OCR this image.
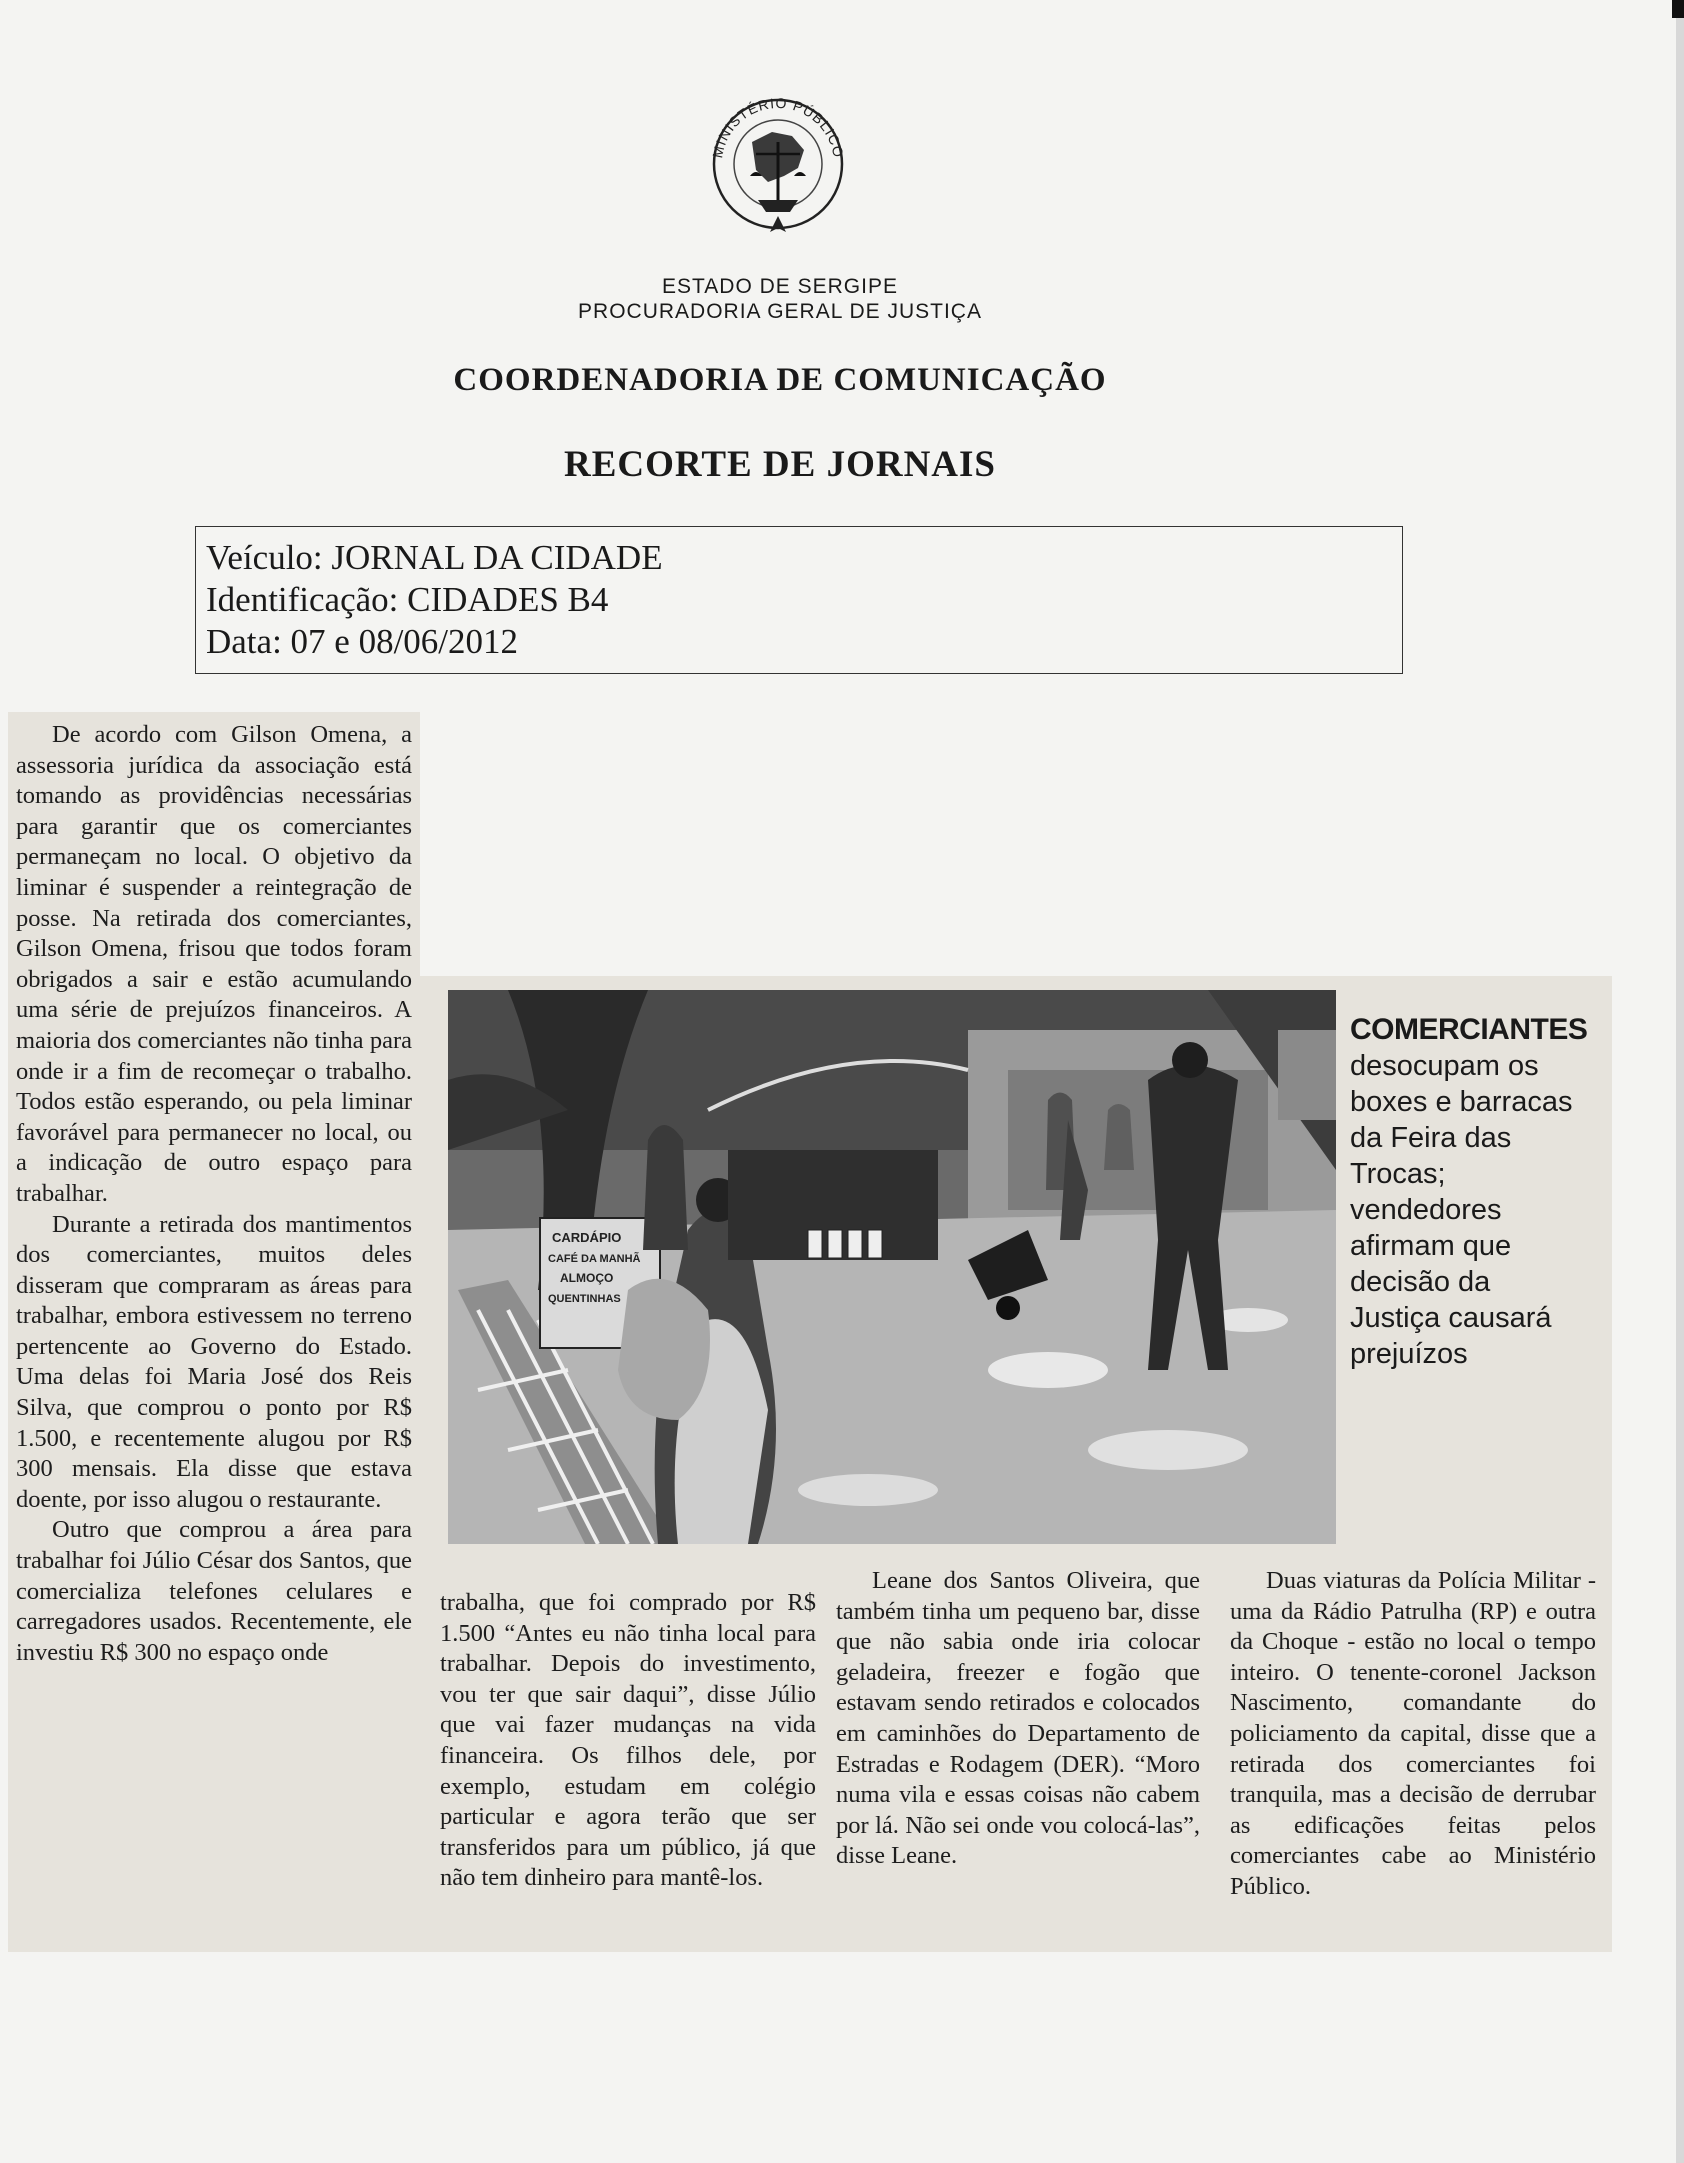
MINISTÉRIO PÚBLICO
ESTADO DE SERGIPE
PROCURADORIA GERAL DE JUSTIÇA
COORDENADORIA DE COMUNICAÇÃO
RECORTE DE JORNAIS
Veículo: JORNAL DA CIDADE
Identificação: CIDADES B4
Data: 07 e 08/06/2012

De acordo com Gilson Omena, a assessoria jurídica da associação está tomando as providências necessárias para garantir que os comerciantes permaneçam no local. O objetivo da liminar é suspender a reintegração de posse. Na retirada dos comerciantes, Gilson Omena, frisou que todos foram obrigados a sair e estão acumulando uma série de prejuízos financeiros. A maioria dos comerciantes não tinha para onde ir a fim de recomeçar o trabalho. Todos estão esperando, ou pela liminar favorável para permanecer no local, ou a indicação de outro espaço para trabalhar.

Durante a retirada dos mantimentos dos comerciantes, muitos deles disseram que compraram as áreas para trabalhar, embora estivessem no terreno pertencente ao Governo do Estado. Uma delas foi Maria José dos Reis Silva, que comprou o ponto por R$ 1.500, e recentemente alugou por R$ 300 mensais. Ela disse que estava doente, por isso alugou o restaurante.

Outro que comprou a área para trabalhar foi Júlio César dos Santos, que comercializa telefones celulares e carregadores usados. Recentemente, ele investiu R$ 300 no espaço onde

CARDÁPIO
CAFÉ DA MANHÃ
ALMOÇO
QUENTINHAS
COMERCIANTES
desocupam os boxes e barracas da Feira das Trocas; vendedores afirmam que decisão da Justiça causará prejuízos

trabalha, que foi comprado por R$ 1.500 “Antes eu não tinha local para trabalhar. Depois do investimento, vou ter que sair daqui”, disse Júlio que vai fazer mudanças na vida financeira. Os filhos dele, por exemplo, estudam em colégio particular e agora terão que ser transferidos para um público, já que não tem dinheiro para mantê-los.

Leane dos Santos Oliveira, que também tinha um pequeno bar, disse que não sabia onde iria colocar geladeira, freezer e fogão que estavam sendo retirados e colocados em caminhões do Departamento de Estradas e Rodagem (DER). “Moro numa vila e essas coisas não cabem por lá. Não sei onde vou colocá-las”, disse Leane.

Duas viaturas da Polícia Militar - uma da Rádio Patrulha (RP) e outra da Choque - estão no local o tempo inteiro. O tenente-coronel Jackson Nascimento, comandante do policiamento da capital, disse que a retirada dos comerciantes foi tranquila, mas a decisão de derrubar as edificações feitas pelos comerciantes cabe ao Ministério Público.
